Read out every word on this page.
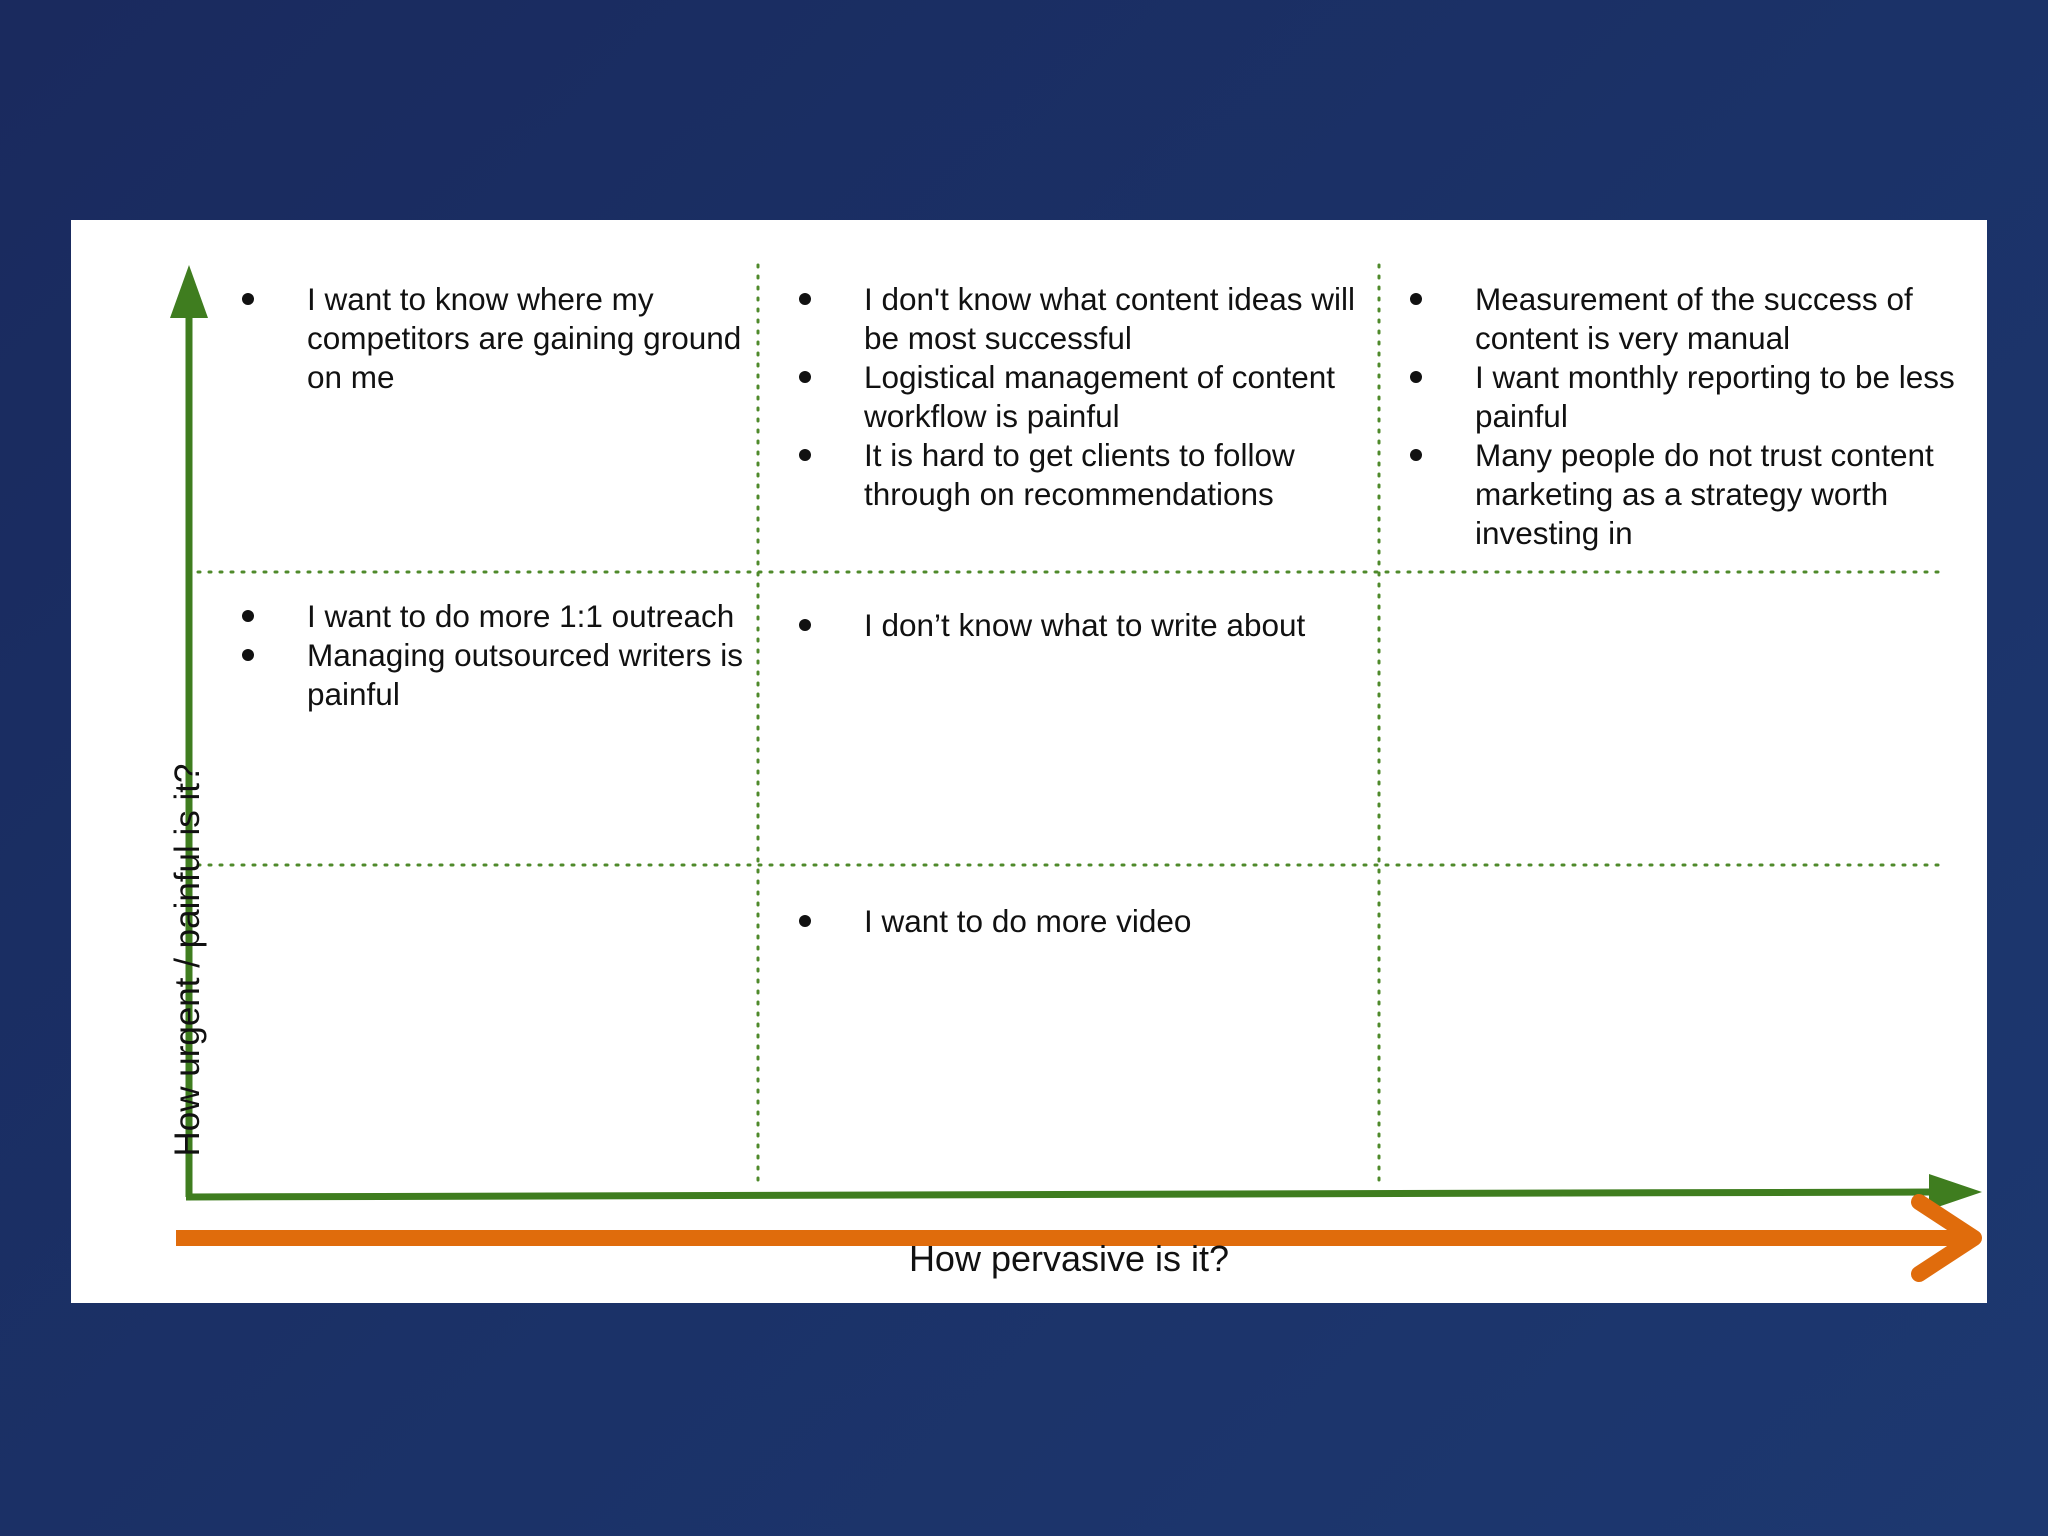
How urgent / painful is it?
How pervasive is it?
I want to know where my competitors are gaining ground on me
I don't know what content ideas will be most successful
Logistical management of content workflow is painful
It is hard to get clients to follow through on recommendations
Measurement of the success of content is very manual
I want monthly reporting to be less painful
Many people do not trust content marketing as a strategy worth investing in
I want to do more 1:1 outreach
Managing outsourced writers is painful
I don’t know what to write about
I want to do more video
